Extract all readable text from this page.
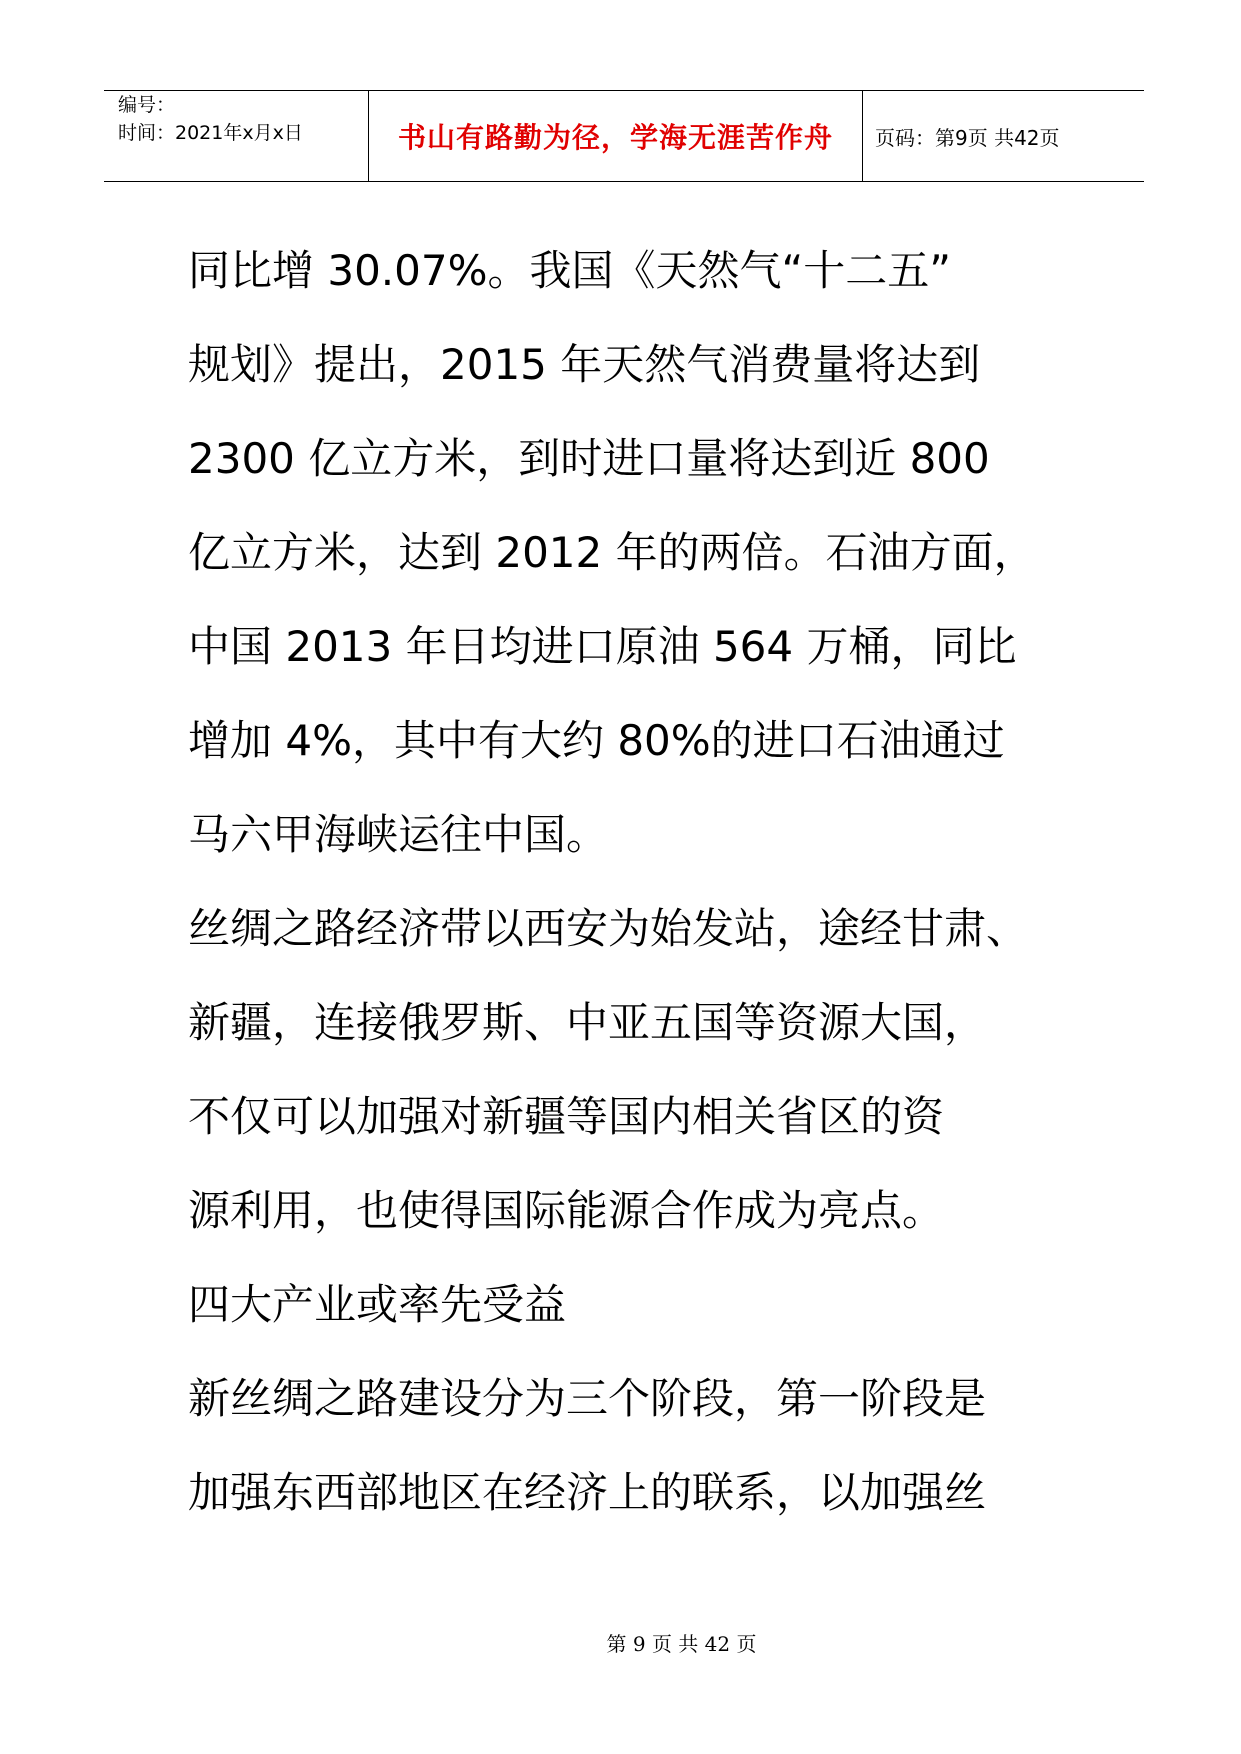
编号：
时间：2021年x月x日	书山有路勤为径，学海无涯苦作舟 页码：第9页 共42页

同比增 30.07%。我国《天然气“十二五”

规划》提出，2015 年天然气消费量将达到

2300 亿立方米，到时进口量将达到近 800

亿立方米，达到 2012 年的两倍。石油方面，

中国 2013 年日均进口原油 564 万桶，同比

增加 4%，其中有大约 80%的进口石油通过

马六甲海峡运往中国。

丝绸之路经济带以西安为始发站，途经甘肃、

新疆，连接俄罗斯、中亚五国等资源大国，

不仅可以加强对新疆等国内相关省区的资

源利用，也使得国际能源合作成为亮点。

四大产业或率先受益

新丝绸之路建设分为三个阶段，第一阶段是

加强东西部地区在经济上的联系，以加强丝

第 9 页 共 42 页
